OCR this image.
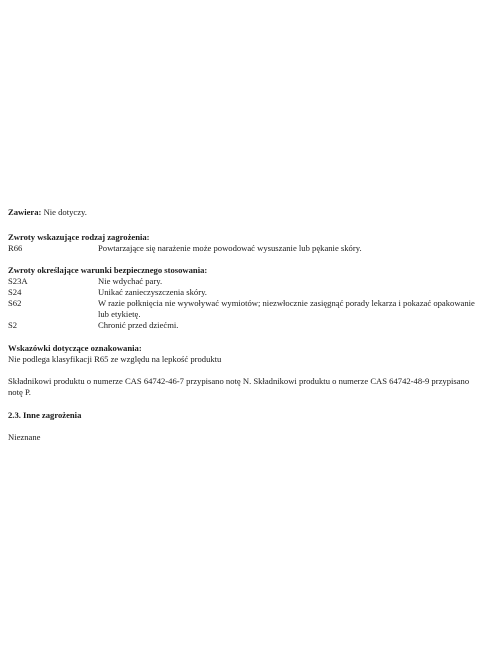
Zawiera: Nie dotyczy.
Zwroty wskazujące rodzaj zagrożenia:
R66	Powtarzające się narażenie może powodować wysuszanie lub pękanie skóry.
Zwroty określające warunki bezpiecznego stosowania:
S23A	Nie wdychać pary.
S24	Unikać zanieczyszczenia skóry.
S62	W razie połknięcia nie wywoływać wymiotów; niezwłocznie zasięgnąć porady lekarza i pokazać opakowanie lub etykietę.
S2	Chronić przed dziećmi.
Wskazówki dotyczące oznakowania:
Nie podlega klasyfikacji R65 ze względu na lepkość produktu
Składnikowi produktu o numerze CAS 64742-46-7 przypisano notę N. Składnikowi produktu o numerze CAS 64742-48-9 przypisano notę P.
2.3. Inne zagrożenia
Nieznane
